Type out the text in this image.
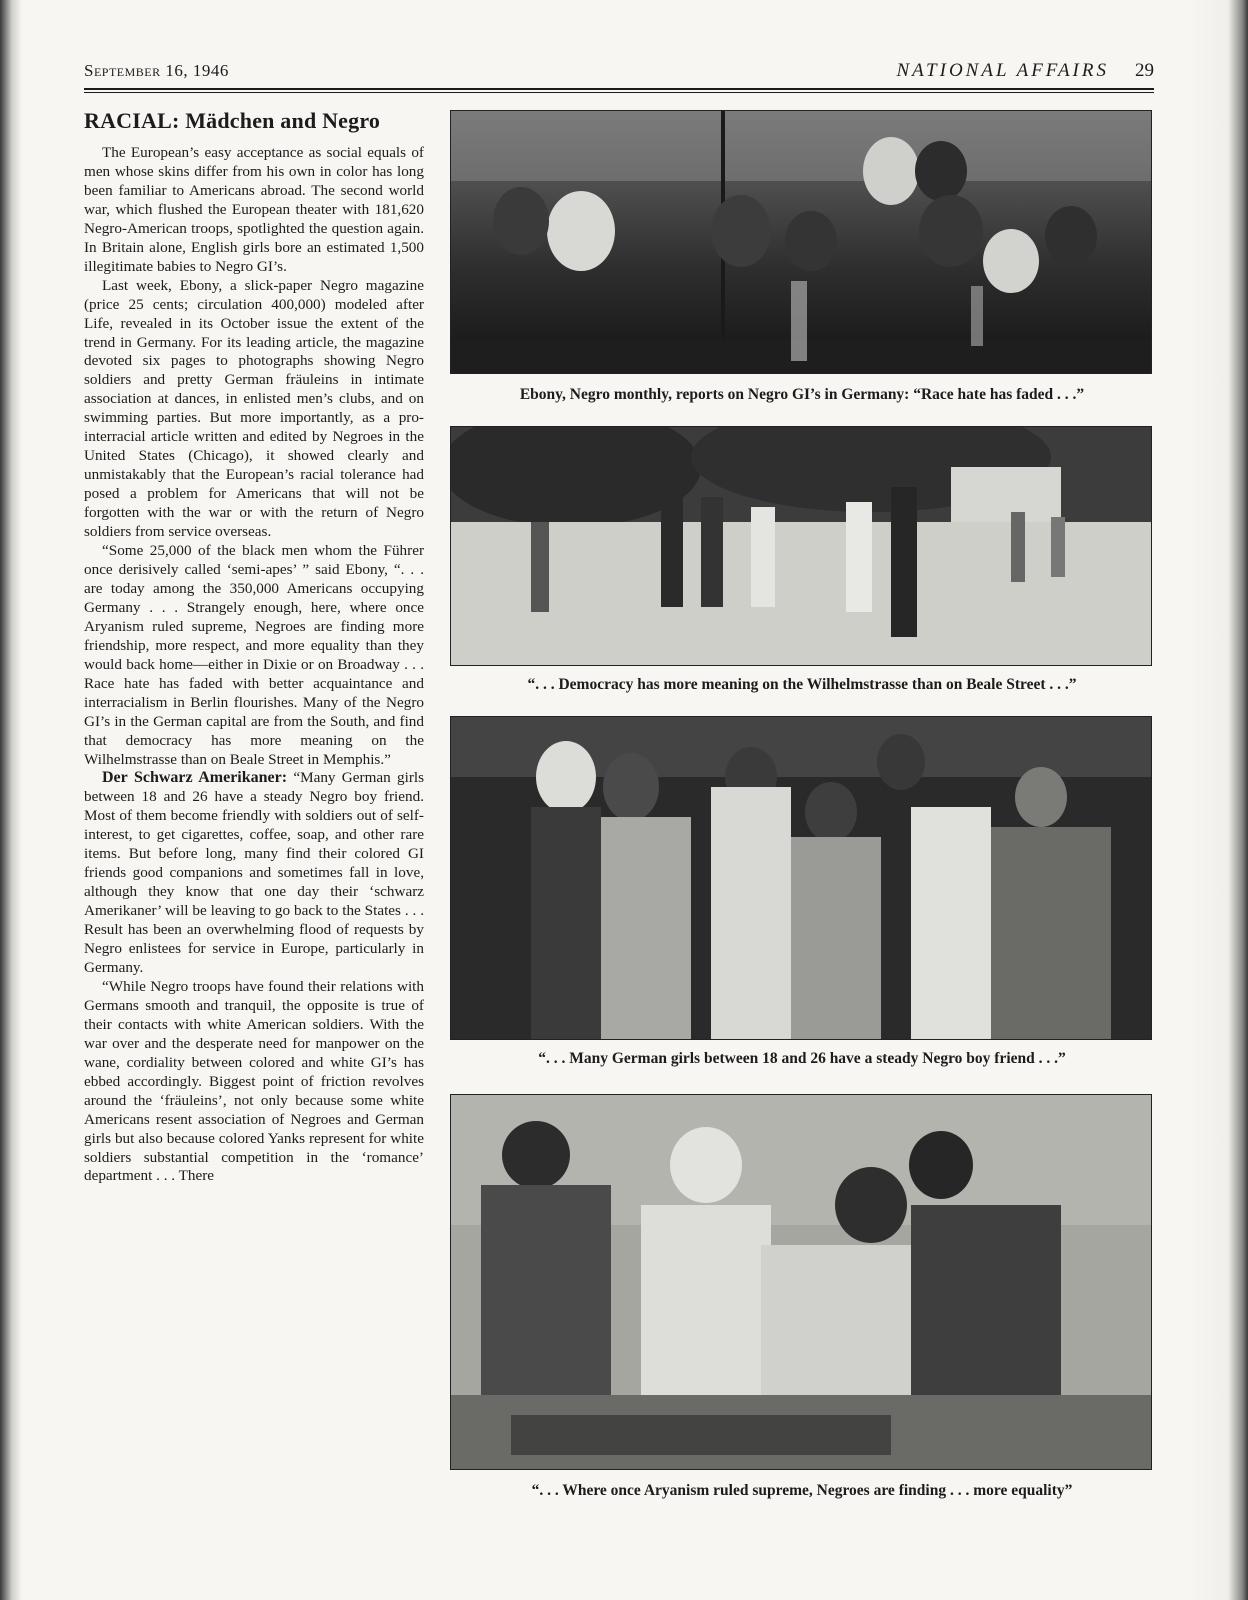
September 16, 1946	NATIONAL AFFAIRS 29
RACIAL: Mädchen and Negro

The European’s easy acceptance as social equals of men whose skins differ from his own in color has long been familiar to Americans abroad. The second world war, which flushed the European theater with 181,620 Negro-American troops, spotlighted the question again. In Britain alone, English girls bore an estimated 1,500 illegitimate babies to Negro GI’s.

Last week, Ebony, a slick-paper Negro magazine (price 25 cents; circulation 400,000) modeled after Life, revealed in its October issue the extent of the trend in Germany. For its leading article, the magazine devoted six pages to photographs showing Negro soldiers and pretty German fräuleins in intimate association at dances, in enlisted men’s clubs, and on swimming parties. But more importantly, as a pro-interracial article written and edited by Negroes in the United States (Chicago), it showed clearly and unmistakably that the European’s racial tolerance had posed a problem for Americans that will not be forgotten with the war or with the return of Negro soldiers from service overseas.

“Some 25,000 of the black men whom the Führer once derisively called ‘semi-apes’ ” said Ebony, “. . . are today among the 350,000 Americans occupying Germany . . . Strangely enough, here, where once Aryanism ruled supreme, Negroes are finding more friendship, more respect, and more equality than they would back home—either in Dixie or on Broadway . . . Race hate has faded with better acquaintance and interracialism in Berlin flourishes. Many of the Negro GI’s in the German capital are from the South, and find that democracy has more meaning on the Wilhelmstrasse than on Beale Street in Memphis.”

Der Schwarz Amerikaner: “Many German girls between 18 and 26 have a steady Negro boy friend. Most of them become friendly with soldiers out of self-interest, to get cigarettes, coffee, soap, and other rare items. But before long, many find their colored GI friends good companions and sometimes fall in love, although they know that one day their ‘schwarz Amerikaner’ will be leaving to go back to the States . . . Result has been an overwhelming flood of requests by Negro enlistees for service in Europe, particularly in Germany.

“While Negro troops have found their relations with Germans smooth and tranquil, the opposite is true of their contacts with white American soldiers. With the war over and the desperate need for manpower on the wane, cordiality between colored and white GI’s has ebbed accordingly. Biggest point of friction revolves around the ‘fräuleins’, not only because some white Americans resent association of Negroes and German girls but also because colored Yanks represent for white soldiers substantial competition in the ‘romance’ department . . . There

Ebony, Negro monthly, reports on Negro GI’s in Germany: “Race hate has faded . . .”
“. . . Democracy has more meaning on the Wilhelmstrasse than on Beale Street . . .”
“. . . Many German girls between 18 and 26 have a steady Negro boy friend . . .”
“. . . Where once Aryanism ruled supreme, Negroes are finding . . . more equality”
